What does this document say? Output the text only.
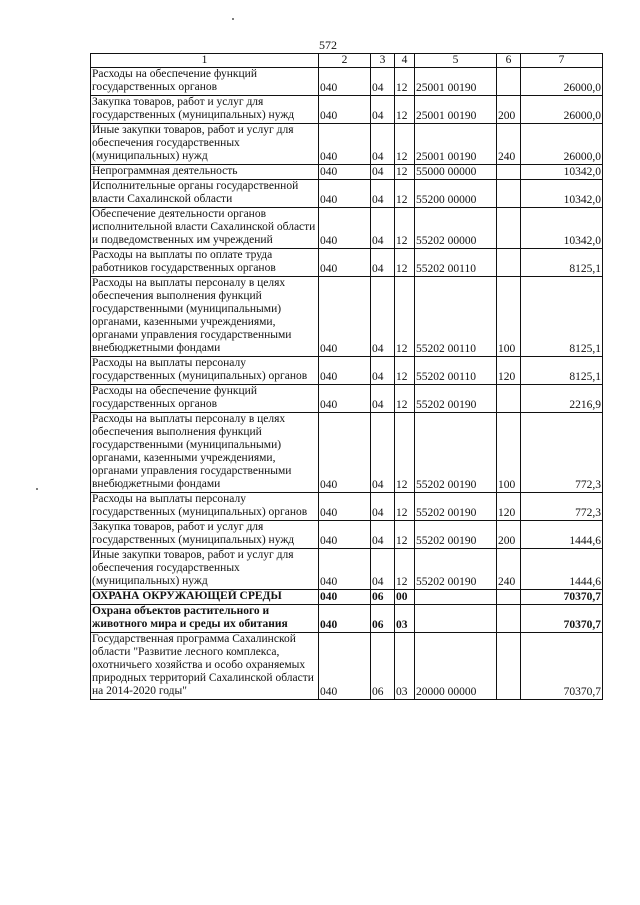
572
1	2	3	4	5	6	7
Расходы на обеспечение функций государственных органов	040	04	12	25001 00190		26000,0
Закупка товаров, работ и услуг для государственных (муниципальных) нужд	040	04	12	25001 00190	200	26000,0
Иные закупки товаров, работ и услуг для обеспечения государственных (муниципальных) нужд	040	04	12	25001 00190	240	26000,0
Непрограммная деятельность	040	04	12	55000 00000		10342,0
Исполнительные органы государственной власти Сахалинской области	040	04	12	55200 00000		10342,0
Обеспечение деятельности органов исполнительной власти Сахалинской области и подведомственных им учреждений	040	04	12	55202 00000		10342,0
Расходы на выплаты по оплате труда работников государственных органов	040	04	12	55202 00110		8125,1
Расходы на выплаты персоналу в целях обеспечения выполнения функций государственными (муниципальными) органами, казенными учреждениями, органами управления государственными внебюджетными фондами	040	04	12	55202 00110	100	8125,1
Расходы на выплаты персоналу государственных (муниципальных) органов	040	04	12	55202 00110	120	8125,1
Расходы на обеспечение функций государственных органов	040	04	12	55202 00190		2216,9
Расходы на выплаты персоналу в целях обеспечения выполнения функций государственными (муниципальными) органами, казенными учреждениями, органами управления государственными внебюджетными фондами	040	04	12	55202 00190	100	772,3
Расходы на выплаты персоналу государственных (муниципальных) органов	040	04	12	55202 00190	120	772,3
Закупка товаров, работ и услуг для государственных (муниципальных) нужд	040	04	12	55202 00190	200	1444,6
Иные закупки товаров, работ и услуг для обеспечения государственных (муниципальных) нужд	040	04	12	55202 00190	240	1444,6
ОХРАНА ОКРУЖАЮЩЕЙ СРЕДЫ	040	06	00			70370,7
Охрана объектов растительного и животного мира и среды их обитания	040	06	03			70370,7
Государственная программа Сахалинской области "Развитие лесного комплекса, охотничьего хозяйства и особо охраняемых природных территорий Сахалинской области на 2014-2020 годы"	040	06	03	20000 00000		70370,7
